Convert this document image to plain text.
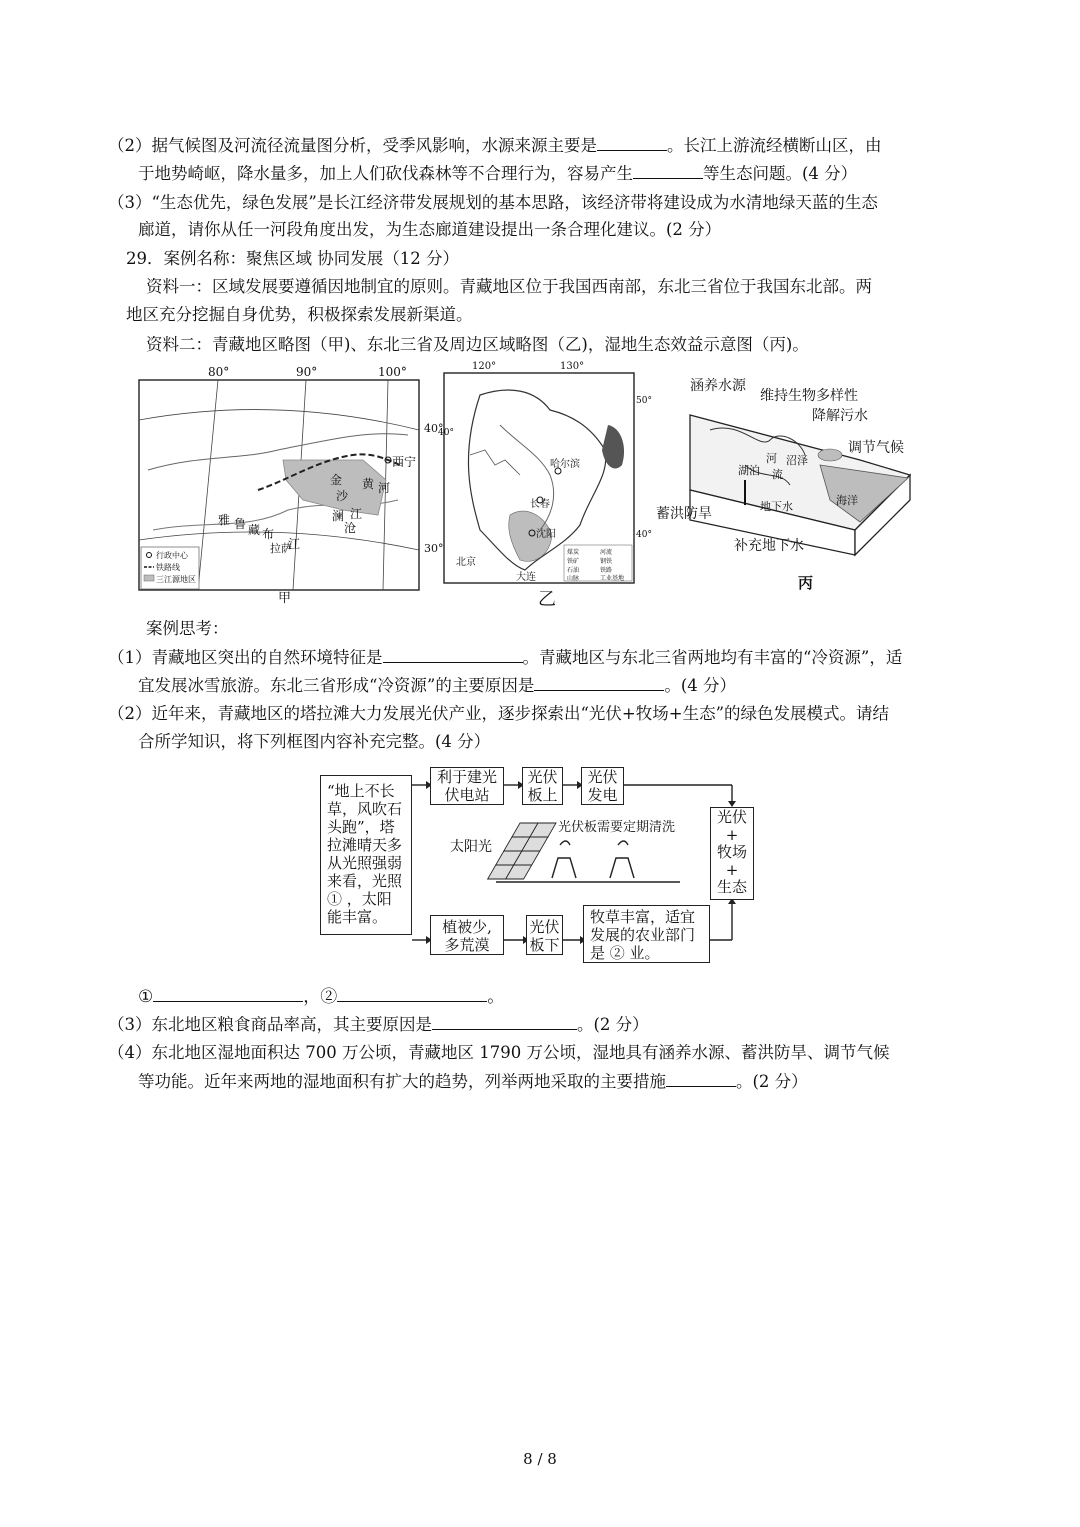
（2）据气候图及河流径流量图分析，受季风影响，水源来源主要是	。长江上游流经横断山区，由
于地势崎岖，降水量多，加上人们砍伐森林等不合理行为，容易产生	等生态问题。(4 分）
（3）“生态优先，绿色发展”是长江经济带发展规划的基本思路，该经济带将建设成为水清地绿天蓝的生态
廊道，请你从任一河段角度出发，为生态廊道建设提出一条合理化建议。(2 分）
29．案例名称：聚焦区域 协同发展（12 分）
资料一：区域发展要遵循因地制宜的原则。青藏地区位于我国西南部，东北三省位于我国东北部。两
地区充分挖掘自身优势，积极探索发展新渠道。
资料二：青藏地区略图（甲)、东北三省及周边区域略图（乙)，湿地生态效益示意图（丙)。
80°	90°	100°
西宁
金
沙
黄 河
澜
沧
江
雅 鲁 藏 布
江
拉萨
40°
30°
行政中心
铁路线
三江源地区
甲
120°	130°
50°
40°
40°
哈尔滨
长春
沈阳
北京
大连
煤炭	河流
铁矿	钢铁
石油	铁路
山脉	工业基地
乙
涵养水源
维持生物多样性
降解污水
调节气候
沼泽
河
湖泊 流
海洋
蓄洪防旱	地下水
补充地下水
丙
案例思考：
（1）青藏地区突出的自然环境特征是	。青藏地区与东北三省两地均有丰富的“冷资源”，适
宜发展冰雪旅游。东北三省形成“冷资源”的主要原因是	。(4 分）
（2）近年来，青藏地区的塔拉滩大力发展光伏产业，逐步探索出“光伏+牧场+生态”的绿色发展模式。请结
合所学知识，将下列框图内容补充完整。(4 分）
太阳光
光伏板需要定期清洗
“地上不长
草，风吹石
头跑”，塔
拉滩晴天多
从光照强弱
来看，光照
① ，太阳
能丰富。
利于建光
伏电站
光伏
板上
光伏
发电
光伏
+
牧场
+
生态
植被少,
多荒漠
光伏
板下
牧草丰富，适宜
发展的农业部门
是 ② 业。
①	，②	。
（3）东北地区粮食商品率高，其主要原因是	。(2 分）
（4）东北地区湿地面积达 700 万公顷，青藏地区 1790 万公顷，湿地具有涵养水源、蓄洪防旱、调节气候
等功能。近年来两地的湿地面积有扩大的趋势，列举两地采取的主要措施	。(2 分）
8 / 8
